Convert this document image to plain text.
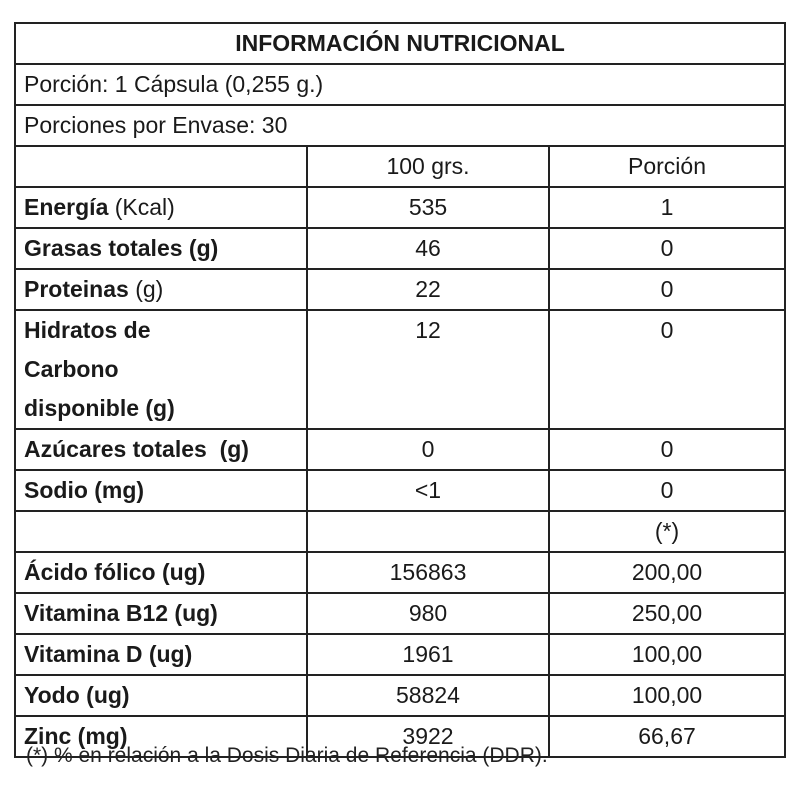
INFORMACIÓN NUTRICIONAL		
Porción: 1 Cápsula (0,255 g.)		
Porciones por Envase: 30		
	100 grs.	Porción
Energía (Kcal)	535	1
Grasas totales (g)	46	0
Proteinas (g)	22	0
Hidratos de Carbono disponible (g)	12	0
Azúcares totales  (g)	0	0
Sodio (mg)	<1	0
		(*)
Ácido fólico (ug)	156863	200,00
Vitamina B12 (ug)	980	250,00
Vitamina D (ug)	1961	100,00
Yodo (ug)	58824	100,00
Zinc (mg)	3922	66,67
(*) % en relación a la Dosis Diaria de Referencia (DDR).
